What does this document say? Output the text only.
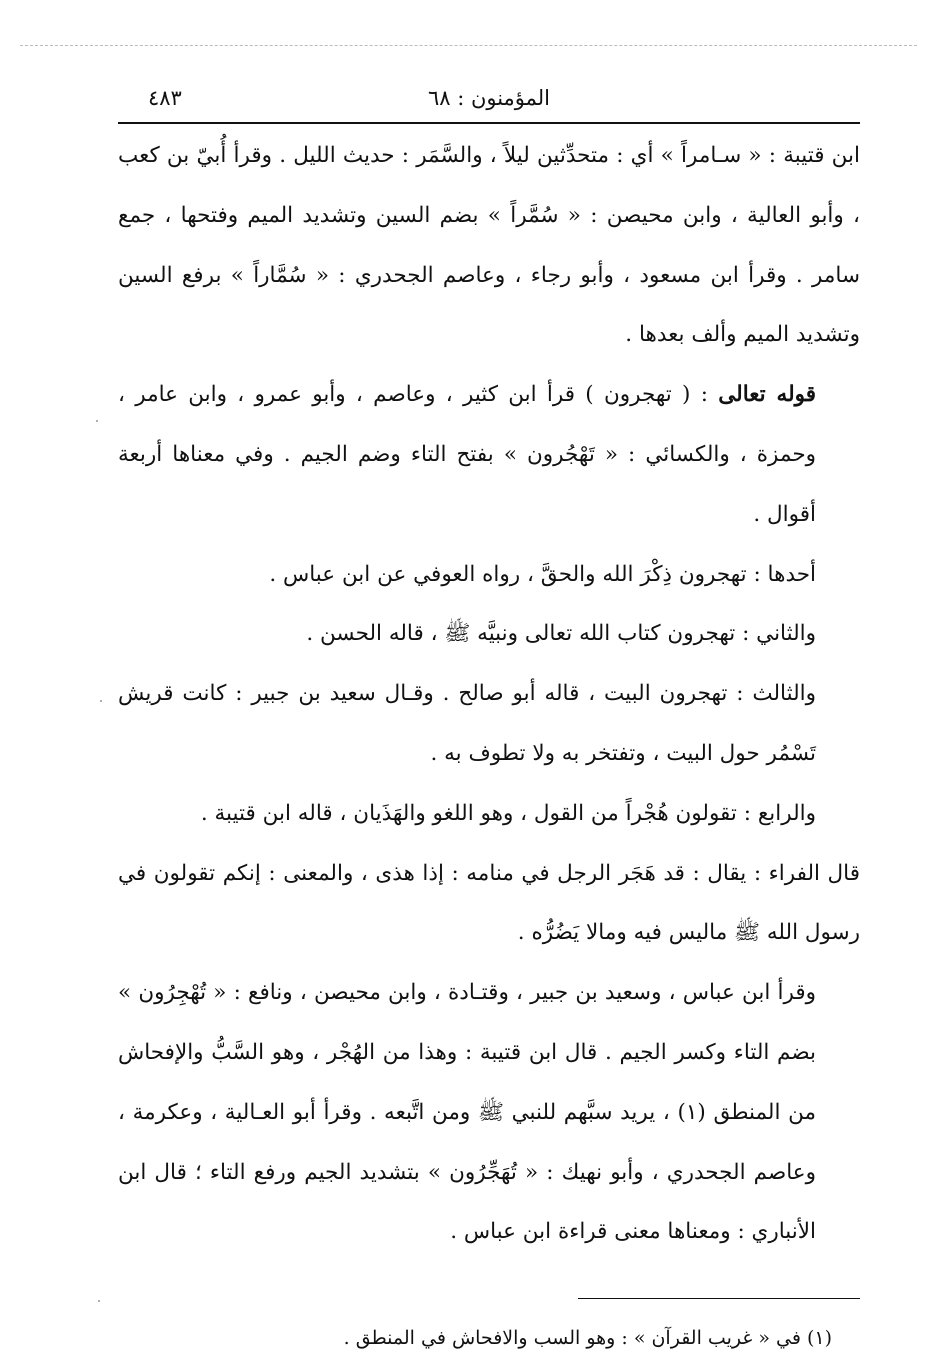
المؤمنون : ٦٨
٤٨٣

ابن قتيبة : « سـامراً » أي : متحدِّثين ليلاً ، والسَّمَر : حديث الليل . وقرأ أُبيّ بن كعب ، وأبو العالية ، وابن محيصن : « سُمَّراً » بضم السين وتشديد الميم وفتحها ، جمع سامر . وقرأ ابن مسعود ، وأبو رجاء ، وعاصم الجحدري : « سُمَّاراً » برفع السين وتشديد الميم وألف بعدها .

قوله تعالى : ( تهجرون ) قرأ ابن كثير ، وعاصم ، وأبو عمرو ، وابن عامر ، وحمزة ، والكسائي : « تَهْجُرون » بفتح التاء وضم الجيم . وفي معناها أربعة أقوال .

أحدها : تهجرون ذِكْرَ الله والحقَّ ، رواه العوفي عن ابن عباس .

والثاني : تهجرون كتاب الله تعالى ونبيَّه ﷺ ، قاله الحسن .

والثالث : تهجرون البيت ، قاله أبو صالح . وقـال سعيد بن جبير : كانت قريش تَسْمُر حول البيت ، وتفتخر به ولا تطوف به .

والرابع : تقولون هُجْراً من القول ، وهو اللغو والهَذَيان ، قاله ابن قتيبة .

قال الفراء : يقال : قد هَجَر الرجل في منامه : إذا هذى ، والمعنى : إنكم تقولون في رسول الله ﷺ ماليس فيه ومالا يَضُرُّه .

وقرأ ابن عباس ، وسعيد بن جبير ، وقتـادة ، وابن محيصن ، ونافع : « تُهْجِرُون » بضم التاء وكسر الجيم . قال ابن قتيبة : وهذا من الهُجْر ، وهو السَّبُّ والإفحاش من المنطق (١) ، يريد سبَّهم للنبي ﷺ ومن اتَّبعه . وقرأ أبو العـالية ، وعكرمة ، وعاصم الجحدري ، وأبو نهيك : « تُهَجِّرُون » بتشديد الجيم ورفع التاء ؛ قال ابن الأنباري : ومعناها معنى قراءة ابن عباس .

(١) في « غريب القرآن » : وهو السب والافحاش في المنطق .
